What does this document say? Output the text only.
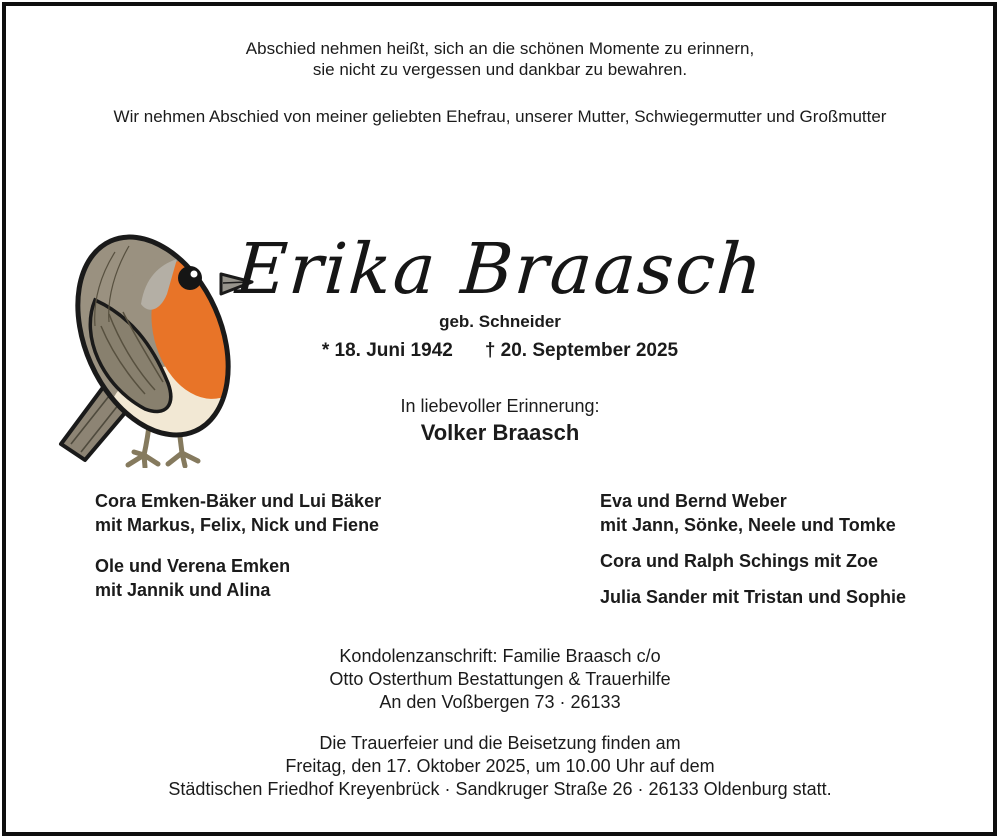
Abschied nehmen heißt, sich an die schönen Momente zu erinnern,
sie nicht zu vergessen und dankbar zu bewahren.
Wir nehmen Abschied von meiner geliebten Ehefrau, unserer Mutter, Schwiegermutter und Großmutter
Erika Braasch
geb. Schneider
* 18. Juni 1942 † 20. September 2025
In liebevoller Erinnerung:
Volker Braasch
Cora Emken-Bäker und Lui Bäker
mit Markus, Felix, Nick und Fiene
Ole und Verena Emken
mit Jannik und Alina
Eva und Bernd Weber
mit Jann, Sönke, Neele und Tomke
Cora und Ralph Schings mit Zoe
Julia Sander mit Tristan und Sophie
Kondolenzanschrift: Familie Braasch c/o
Otto Osterthum Bestattungen & Trauerhilfe
An den Voßbergen 73 · 26133
Die Trauerfeier und die Beisetzung finden am
Freitag, den 17. Oktober 2025, um 10.00 Uhr auf dem
Städtischen Friedhof Kreyenbrück · Sandkruger Straße 26 · 26133 Oldenburg statt.
